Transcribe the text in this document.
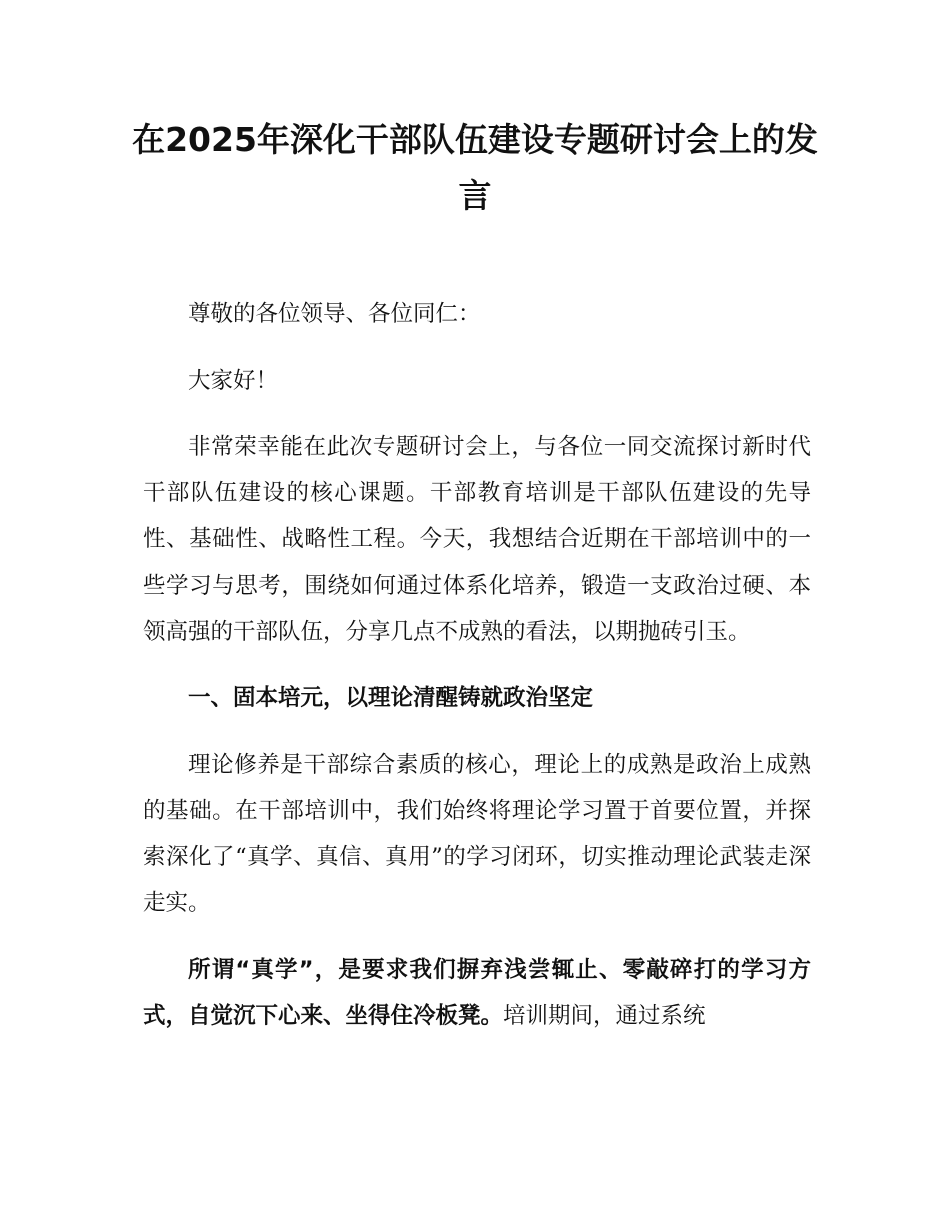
在2025年深化干部队伍建设专题研讨会上的发言

尊敬的各位领导、各位同仁：

大家好！

非常荣幸能在此次专题研讨会上，与各位一同交流探讨新时代干部队伍建设的核心课题。干部教育培训是干部队伍建设的先导性、基础性、战略性工程。今天，我想结合近期在干部培训中的一些学习与思考，围绕如何通过体系化培养，锻造一支政治过硬、本领高强的干部队伍，分享几点不成熟的看法，以期抛砖引玉。

一、固本培元，以理论清醒铸就政治坚定

理论修养是干部综合素质的核心，理论上的成熟是政治上成熟的基础。在干部培训中，我们始终将理论学习置于首要位置，并探索深化了“真学、真信、真用”的学习闭环，切实推动理论武装走深走实。

所谓“真学”，是要求我们摒弃浅尝辄止、零敲碎打的学习方式，自觉沉下心来、坐得住冷板凳。培训期间，通过系统
